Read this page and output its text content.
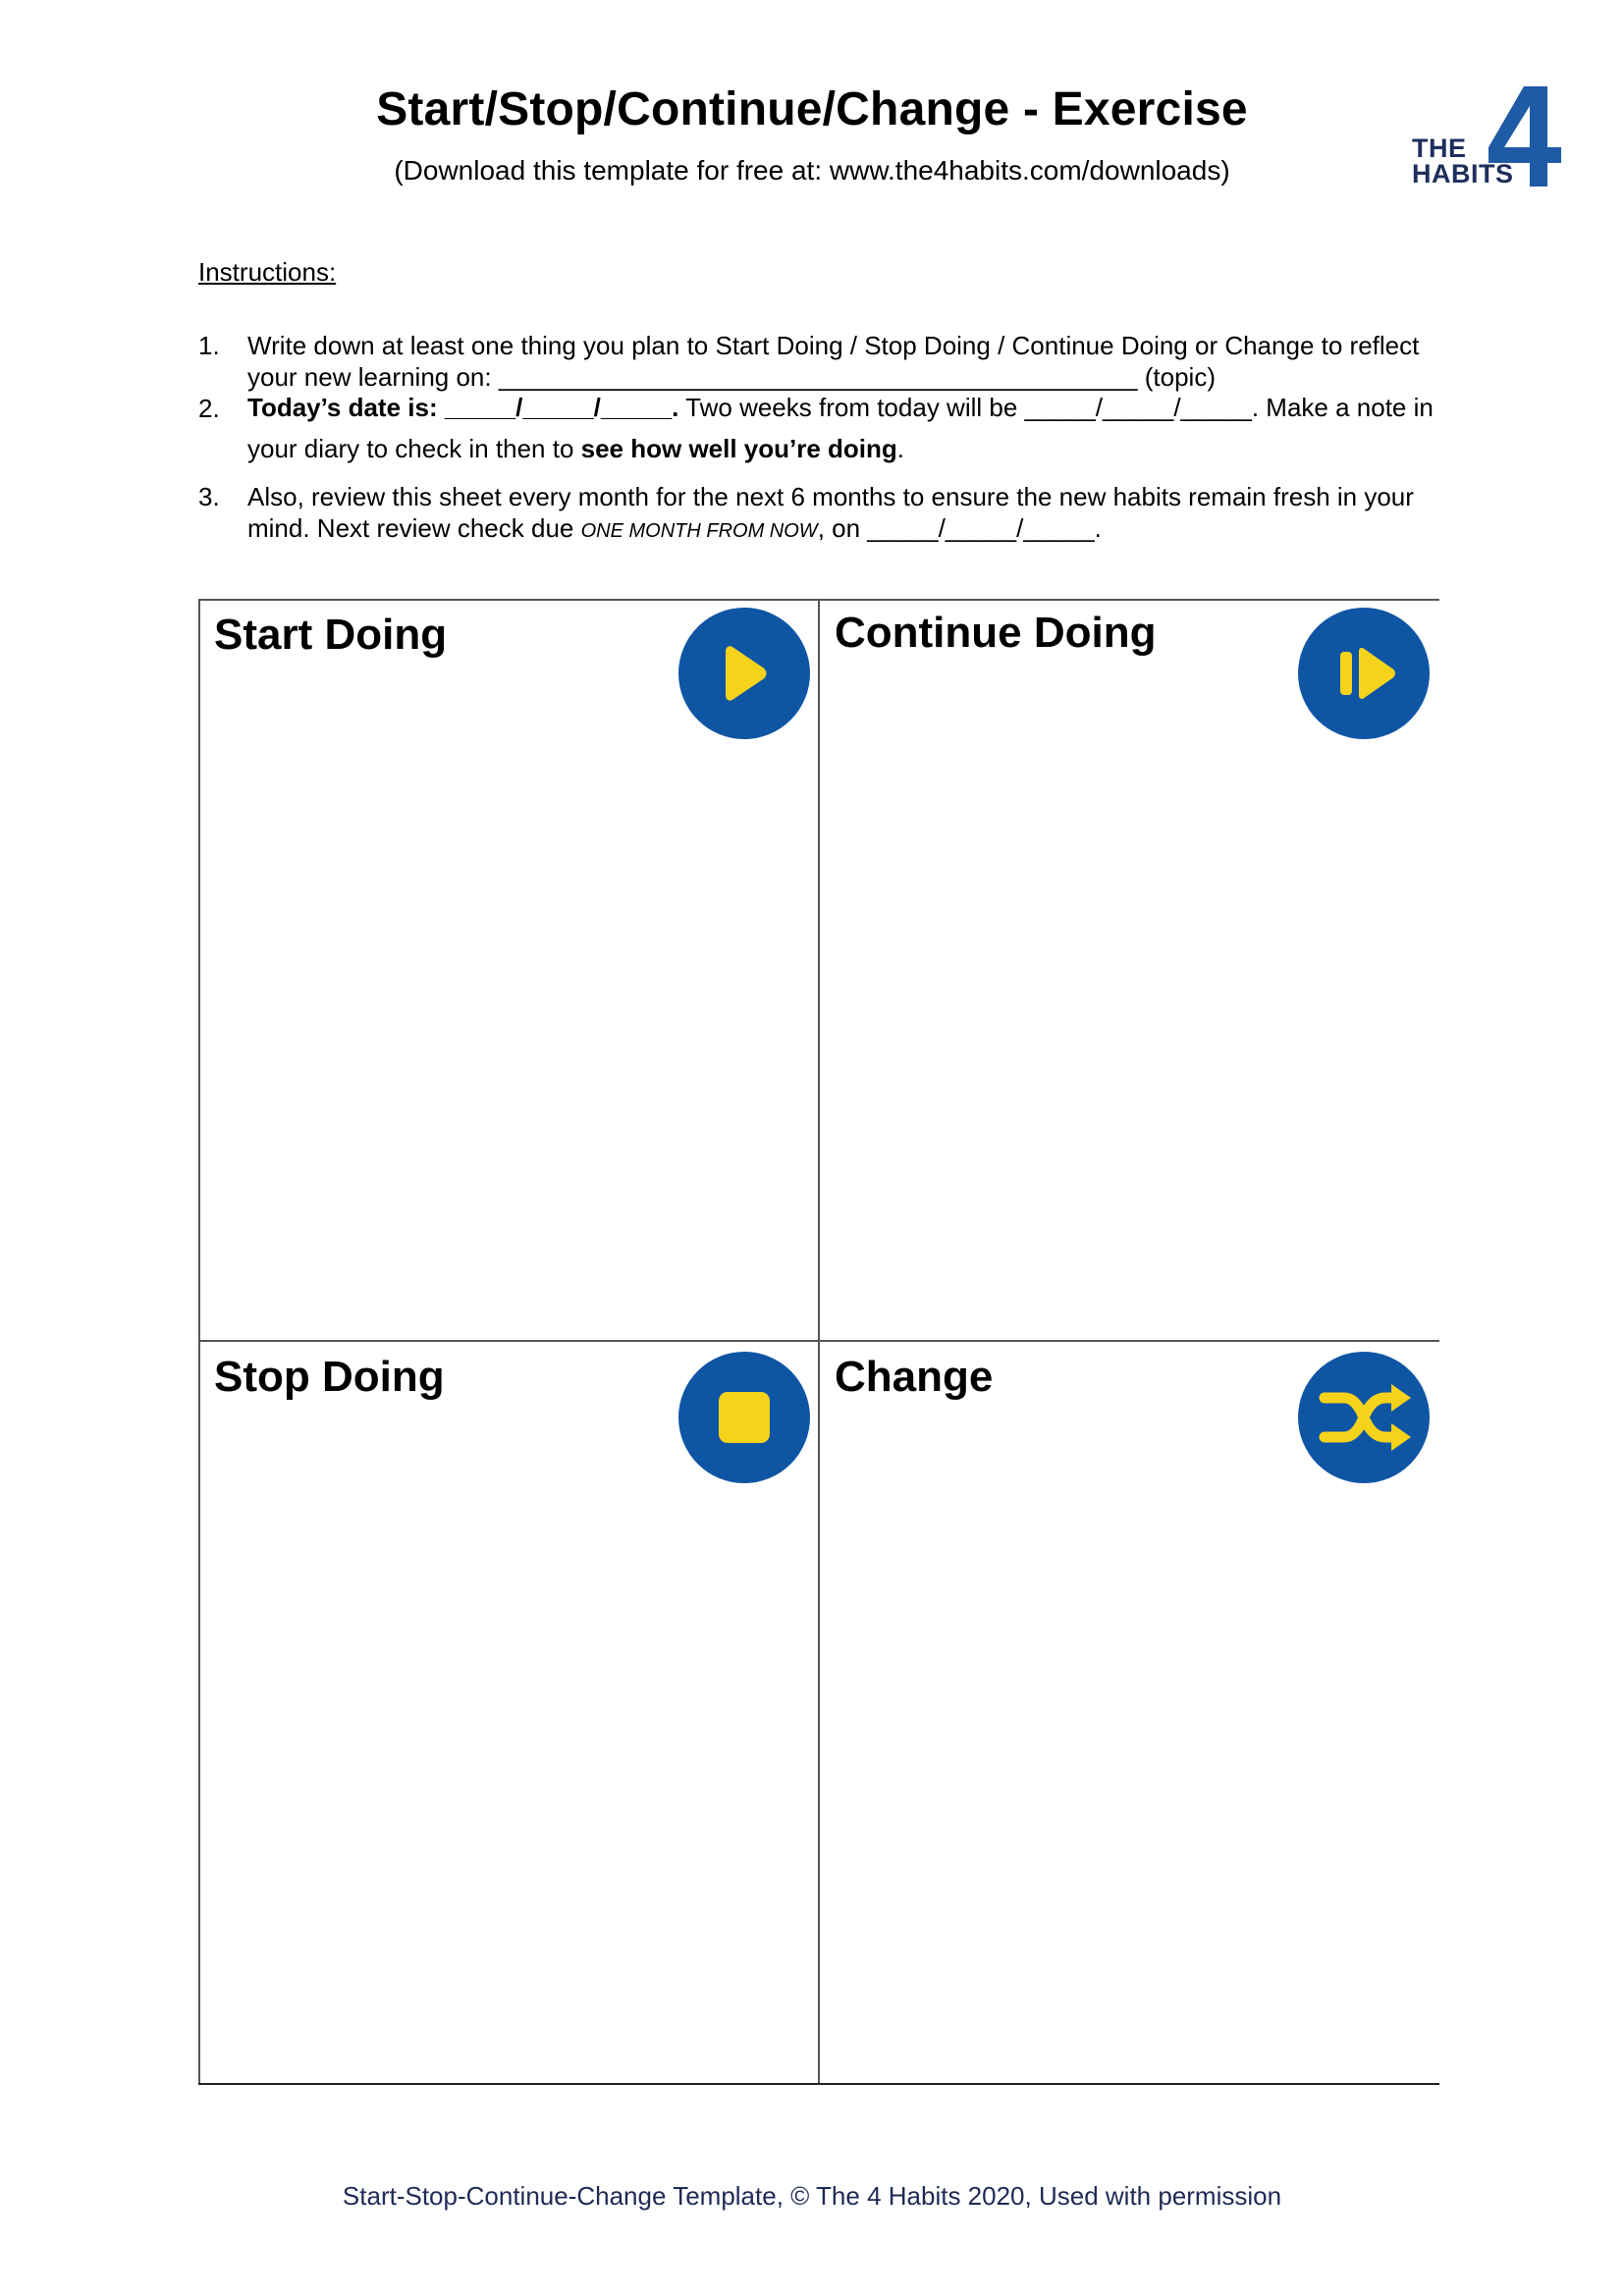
Start/Stop/Continue/Change - Exercise
(Download this template for free at: www.the4habits.com/downloads)
THE
HABITS
Instructions:
1. Write down at least one thing you plan to Start Doing / Stop Doing / Continue Doing or Change to reflect your new learning on: _____________________________________________ (topic)
2. Today’s date is: _____/_____/_____. Two weeks from today will be _____/_____/_____. Make a note in your diary to check in then to see how well you’re doing.
3. Also, review this sheet every month for the next 6 months to ensure the new habits remain fresh in your mind. Next review check due ONE MONTH FROM NOW, on _____/_____/_____.
Start Doing	Continue Doing
Stop Doing	Change
Start-Stop-Continue-Change Template, © The 4 Habits 2020, Used with permission
